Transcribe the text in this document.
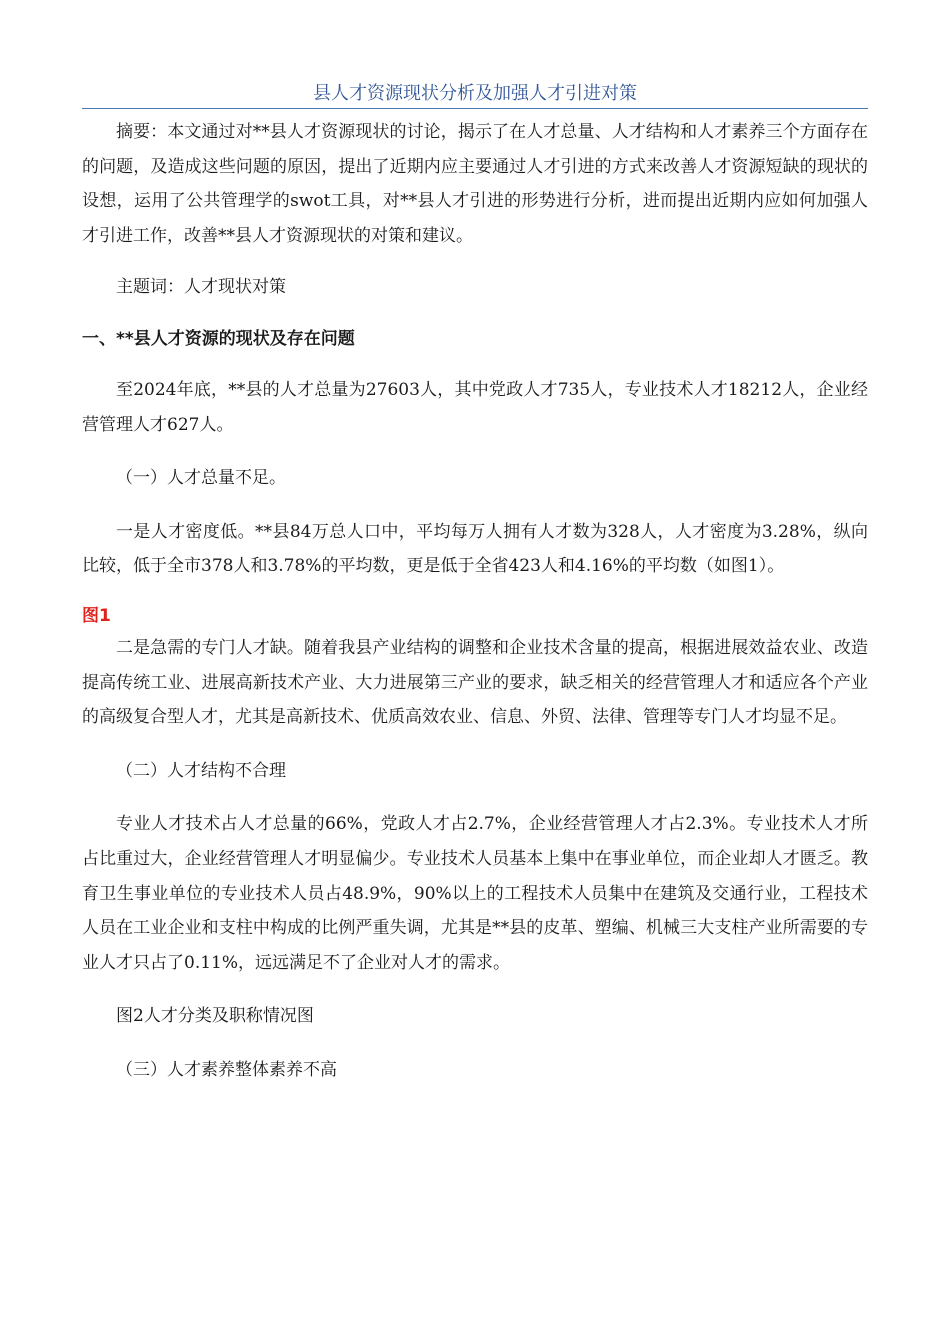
县人才资源现状分析及加强人才引进对策

摘要：本文通过对**县人才资源现状的讨论，揭示了在人才总量、人才结构和人才素养三个方面存在的问题，及造成这些问题的原因，提出了近期内应主要通过人才引进的方式来改善人才资源短缺的现状的设想，运用了公共管理学的swot工具，对**县人才引进的形势进行分析，进而提出近期内应如何加强人才引进工作，改善**县人才资源现状的对策和建议。

主题词：人才现状对策

一、**县人才资源的现状及存在问题

至2024年底，**县的人才总量为27603人，其中党政人才735人，专业技术人才18212人，企业经营管理人才627人。

（一）人才总量不足。

一是人才密度低。**县84万总人口中，平均每万人拥有人才数为328人，人才密度为3.28%，纵向比较，低于全市378人和3.78%的平均数，更是低于全省423人和4.16%的平均数（如图1）。

图1

二是急需的专门人才缺。随着我县产业结构的调整和企业技术含量的提高，根据进展效益农业、改造提高传统工业、进展高新技术产业、大力进展第三产业的要求，缺乏相关的经营管理人才和适应各个产业的高级复合型人才，尤其是高新技术、优质高效农业、信息、外贸、法律、管理等专门人才均显不足。

（二）人才结构不合理

专业人才技术占人才总量的66%，党政人才占2.7%，企业经营管理人才占2.3%。专业技术人才所占比重过大，企业经营管理人才明显偏少。专业技术人员基本上集中在事业单位，而企业却人才匮乏。教育卫生事业单位的专业技术人员占48.9%，90%以上的工程技术人员集中在建筑及交通行业，工程技术人员在工业企业和支柱中构成的比例严重失调，尤其是**县的皮革、塑编、机械三大支柱产业所需要的专业人才只占了0.11%，远远满足不了企业对人才的需求。

图2人才分类及职称情况图

（三）人才素养整体素养不高
